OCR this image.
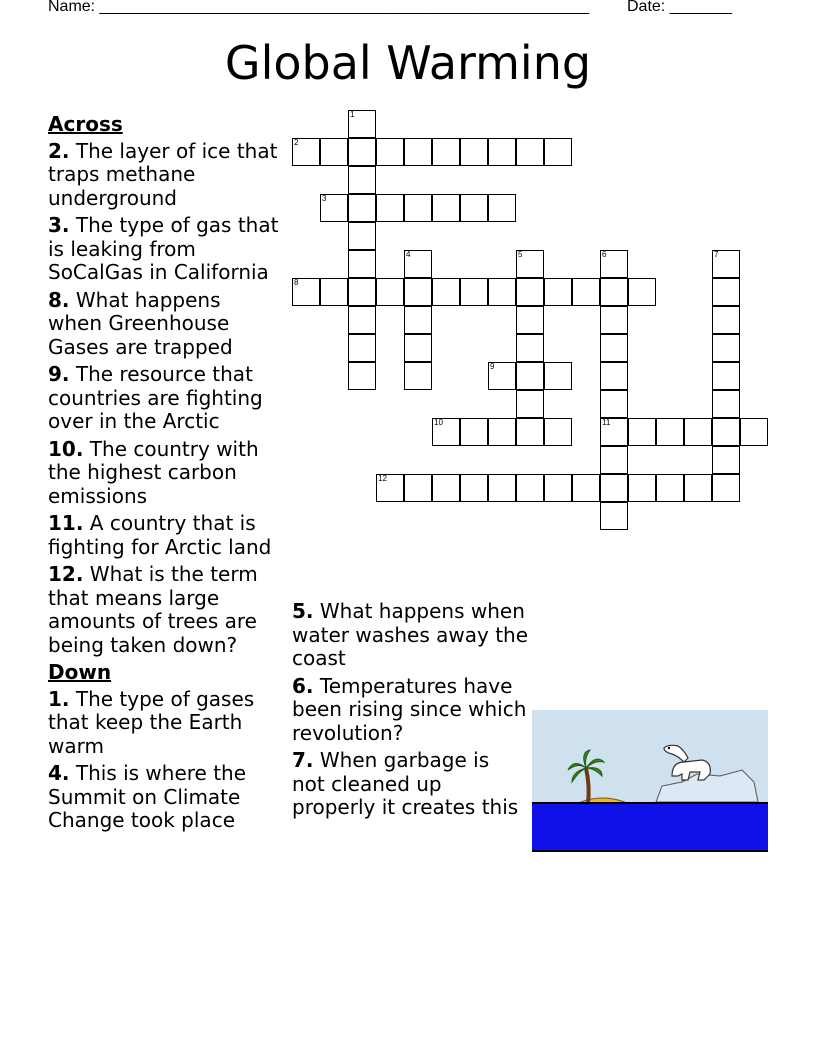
Name: _______________________________________________________ Date: _______
Global Warming
Across
2. The layer of ice that traps methane underground
3. The type of gas that is leaking from SoCalGas in California
8. What happens when Greenhouse Gases are trapped
9. The resource that countries are fighting over in the Arctic
10. The country with the highest carbon emissions
11. A country that is fighting for Arctic land
12. What is the term that means large amounts of trees are being taken down?
Down
1. The type of gases that keep the Earth warm
4. This is where the Summit on Climate Change took place
5. What happens when water washes away the coast
6. Temperatures have been rising since which revolution?
7. When garbage is not cleaned up properly it creates this
1
2
3
4	5	6
11
7
8
9
10
12
